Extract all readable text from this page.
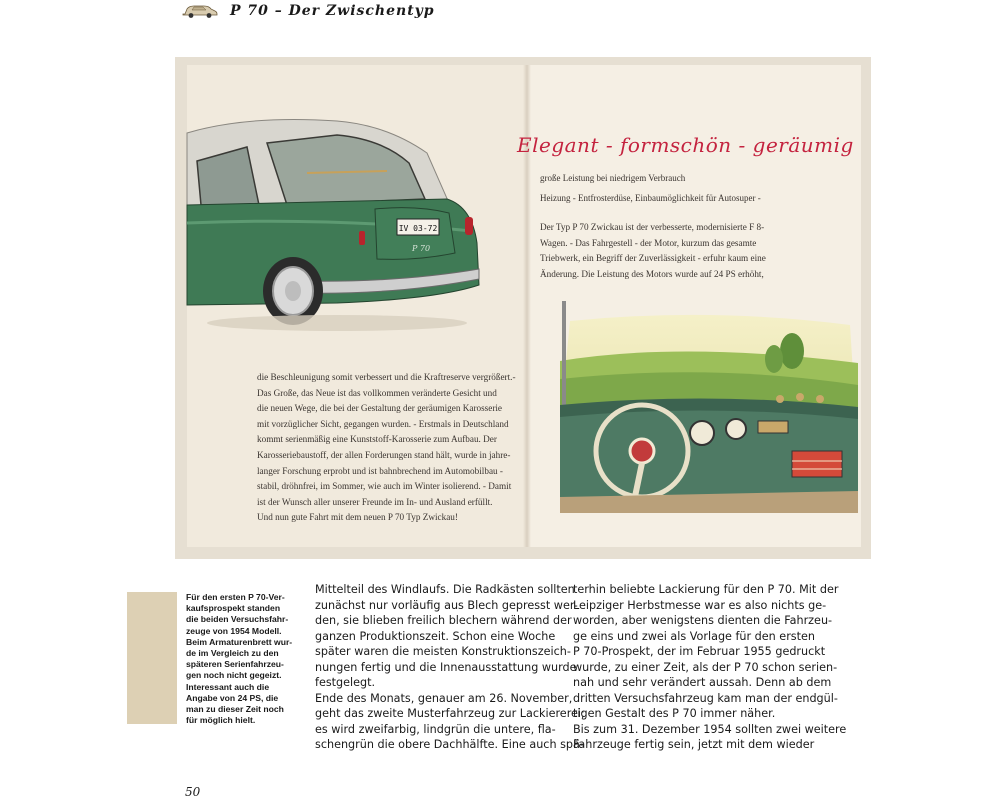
P 70 – Der Zwischentyp
IV 03-72
P 70
Elegant - formschön - geräumig
große Leistung bei niedrigem Verbrauch
Heizung - Entfrosterdüse, Einbaumöglichkeit für Autosuper -
Der Typ P 70 Zwickau ist der verbesserte, modernisierte F 8-
Wagen. - Das Fahrgestell - der Motor, kurzum das gesamte
Triebwerk, ein Begriff der Zuverlässigkeit - erfuhr kaum eine
Änderung. Die Leistung des Motors wurde auf 24 PS erhöht,
die Beschleunigung somit verbessert und die Kraftreserve vergrößert.-
Das Große, das Neue ist das vollkommen veränderte Gesicht und
die neuen Wege, die bei der Gestaltung der geräumigen Karosserie
mit vorzüglicher Sicht, gegangen wurden. - Erstmals in Deutschland
kommt serienmäßig eine Kunststoff-Karosserie zum Aufbau. Der
Karosseriebaustoff, der allen Forderungen stand hält, wurde in jahre-
langer Forschung erprobt und ist bahnbrechend im Automobilbau -
stabil, dröhnfrei, im Sommer, wie auch im Winter isolierend. - Damit
ist der Wunsch aller unserer Freunde im In- und Ausland erfüllt.
Und nun gute Fahrt mit dem neuen P 70 Typ Zwickau!
Für den ersten P 70-Ver-
kaufsprospekt standen
die beiden Versuchsfahr-
zeuge von 1954 Modell.
Beim Armaturenbrett wur-
de im Vergleich zu den
späteren Serienfahrzeu-
gen noch nicht gegeizt.
Interessant auch die
Angabe von 24 PS, die
man zu dieser Zeit noch
für möglich hielt.
Mittelteil des Windlaufs. Die Radkästen sollten
zunächst nur vorläufig aus Blech gepresst wer-
den, sie blieben freilich blechern während der
ganzen Produktionszeit. Schon eine Woche
später waren die meisten Konstruktionszeich-
nungen fertig und die Innenausstattung wurde
festgelegt.
Ende des Monats, genauer am 26. November,
geht das zweite Musterfahrzeug zur Lackiererei;
es wird zweifarbig, lindgrün die untere, fla-
schengrün die obere Dachhälfte. Eine auch spä-
terhin beliebte Lackierung für den P 70. Mit der
Leipziger Herbstmesse war es also nichts ge-
worden, aber wenigstens dienten die Fahrzeu-
ge eins und zwei als Vorlage für den ersten
P 70-Prospekt, der im Februar 1955 gedruckt
wurde, zu einer Zeit, als der P 70 schon serien-
nah und sehr verändert aussah. Denn ab dem
dritten Versuchsfahrzeug kam man der endgül-
tigen Gestalt des P 70 immer näher.
Bis zum 31. Dezember 1954 sollten zwei weitere
Fahrzeuge fertig sein, jetzt mit dem wieder
50
